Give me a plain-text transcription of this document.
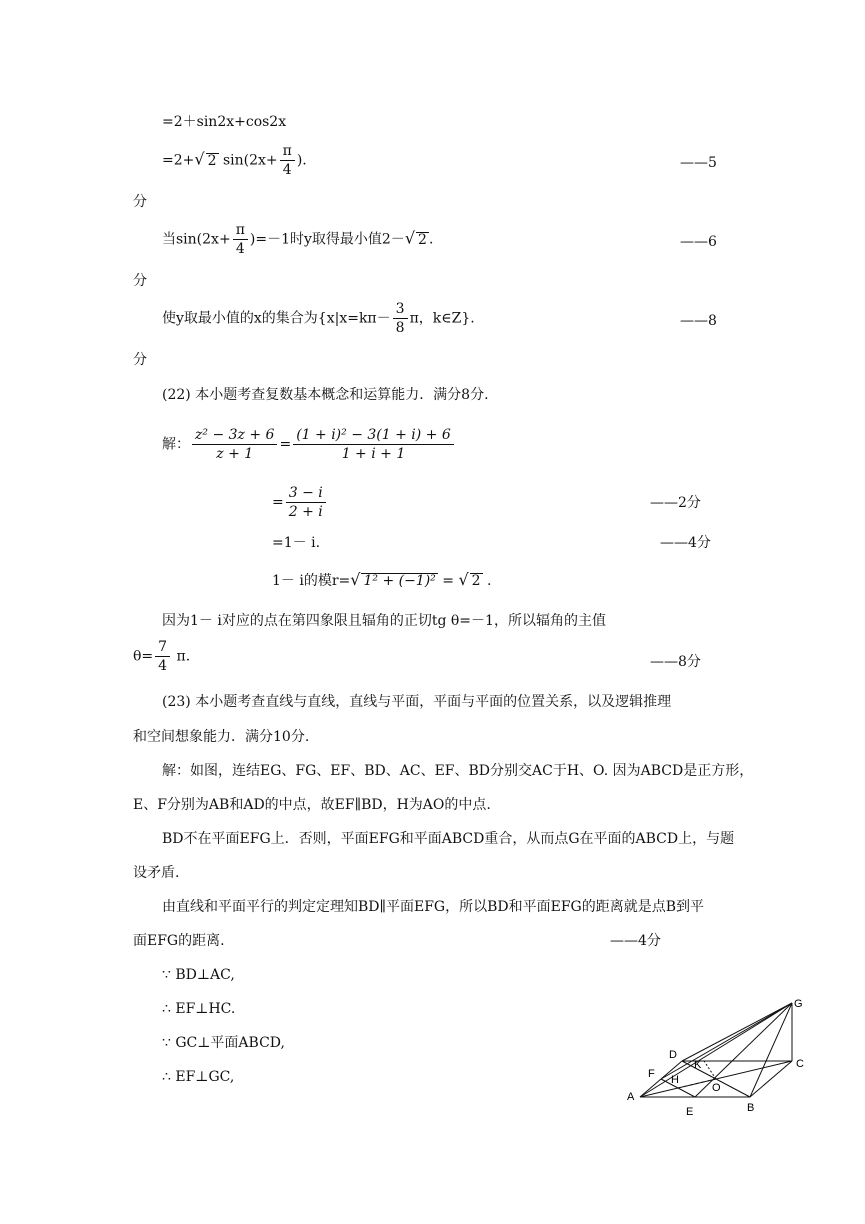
=2＋sin2x+cos2x
=2+√ 2 $\sin(2x+ \frac{\pi}{4}$ ).	——5
分
当$\sin(2x+ \frac{\pi}{4} )=-1$时y取得最小值2－√ 2 .	——6
分
使y取最小值的x的集合为{$x|x=k\pi- \frac{3}{8}$ π，k∈Z}.	——8
分
(22) 本小题考查复数基本概念和运算能力．满分8分.
解： $\frac{\text{z² − 3z + 6}}{z + 1} = \frac{\text{(1 + i)² − 3(1 + i) + 6}}{1 + i + 1}$
= $\frac{3 - i}{2 + i}$	——2分
=1－ i.	——4分
1－ i的模r=√ 1² + (−1)² = √ 2 .
因为1－ i对应的点在第四象限且辐角的正切tg θ=－1，所以辐角的主值
$\theta= \frac{7}{4} \pi$.	——8分
(23) 本小题考查直线与直线，直线与平面，平面与平面的位置关系，以及逻辑推理
和空间想象能力．满分10分.
解：如图，连结EG、FG、EF、BD、AC、EF、BD分别交AC于H、O. 因为ABCD是正方形，
E、F分别为AB和AD的中点，故EF∥BD，H为AO的中点.
BD不在平面EFG上．否则，平面EFG和平面ABCD重合，从而点G在平面的ABCD上，与题
设矛盾.
由直线和平面平行的判定定理知BD∥平面EFG，所以BD和平面EFG的距离就是点B到平
面EFG的距离.	——4分
∵ BD⊥AC,
∴ EF⊥HC.
∵ GC⊥平面ABCD,
∴ EF⊥GC,
G
D
K	C
F H
O
A
E	B
